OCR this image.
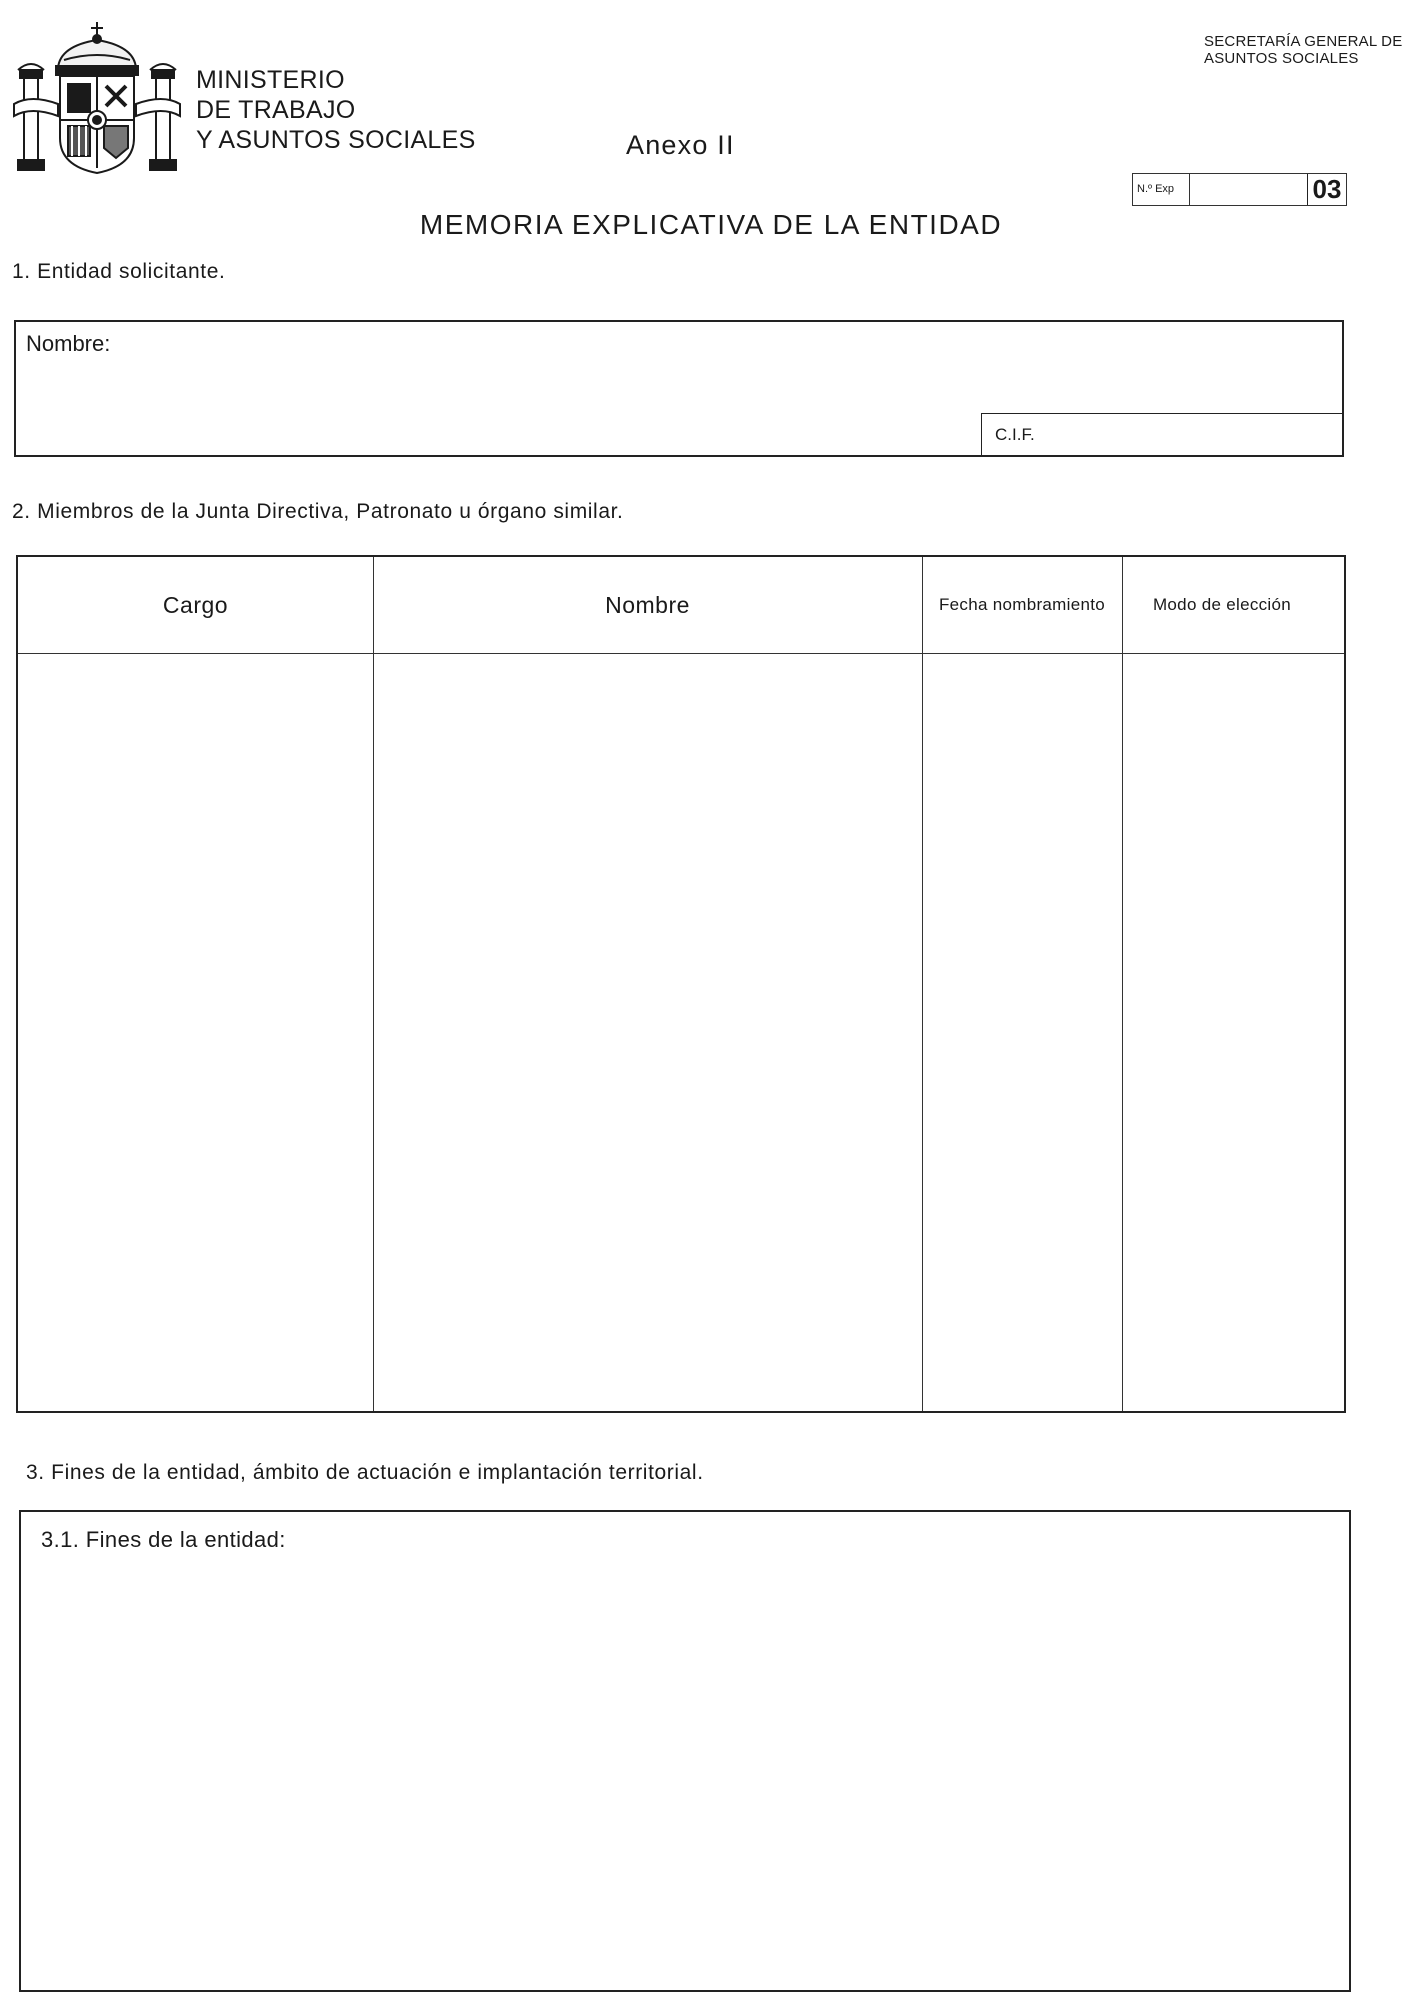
MINISTERIO
DE TRABAJO
Y ASUNTOS SOCIALES	Anexo II
SECRETARÍA GENERAL DE
ASUNTOS SOCIALES
N.º Exp	03
MEMORIA EXPLICATIVA DE LA ENTIDAD
1. Entidad solicitante.
Nombre:
C.I.F.
2. Miembros de la Junta Directiva, Patronato u órgano similar.
Cargo	Nombre	Fecha nombramiento	Modo de elección
3. Fines de la entidad, ámbito de actuación e implantación territorial.
3.1. Fines de la entidad:
